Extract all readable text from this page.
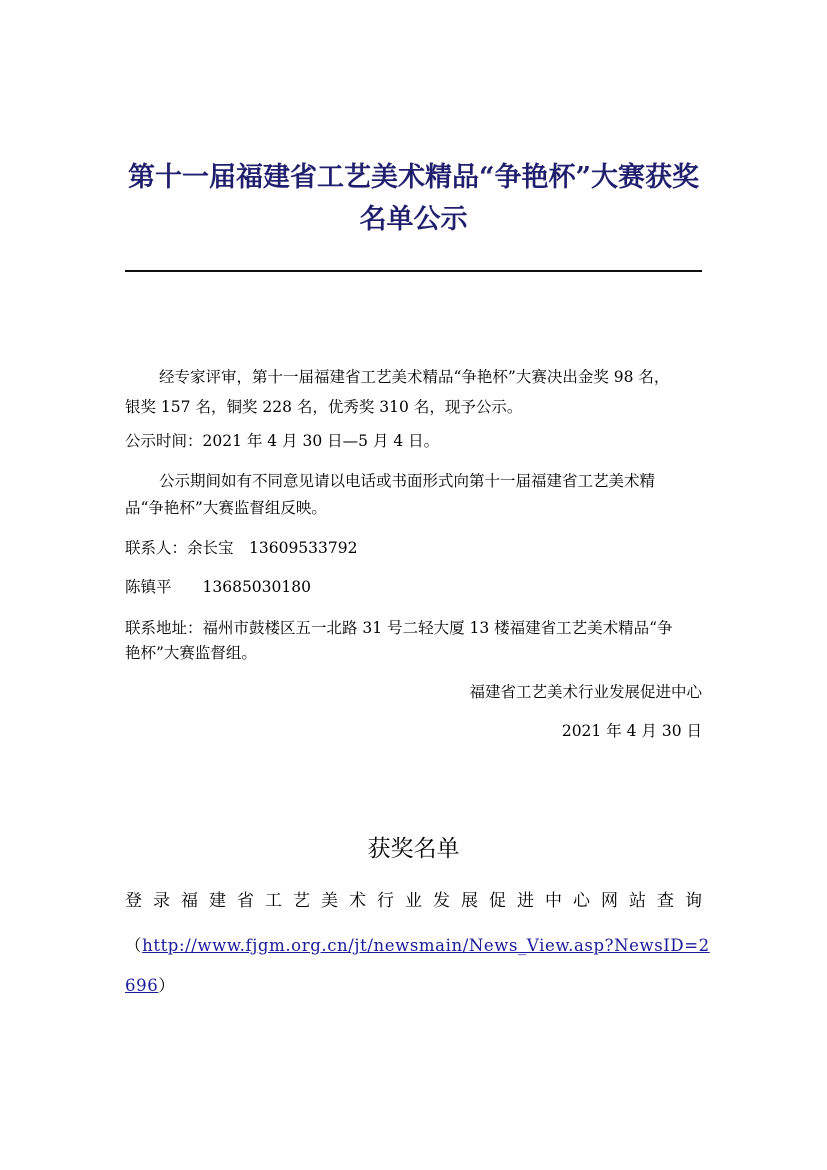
第十一届福建省工艺美术精品“争艳杯”大赛获奖
名单公示
经专家评审，第十一届福建省工艺美术精品“争艳杯”大赛决出金奖 98 名，
银奖 157 名，铜奖 228 名，优秀奖 310 名，现予公示。
公示时间：2021 年 4 月 30 日—5 月 4 日。
公示期间如有不同意见请以电话或书面形式向第十一届福建省工艺美术精
品“争艳杯”大赛监督组反映。
联系人：余长宝　13609533792
陈镇平　　13685030180
联系地址：福州市鼓楼区五一北路 31 号二轻大厦 13 楼福建省工艺美术精品“争
艳杯”大赛监督组。
福建省工艺美术行业发展促进中心
2021 年 4 月 30 日
获奖名单
登 录 福 建 省 工 艺 美 术 行 业 发 展 促 进 中 心 网 站 查 询
（http://www.fjgm.org.cn/jt/newsmain/News_View.asp?NewsID=2
696）
